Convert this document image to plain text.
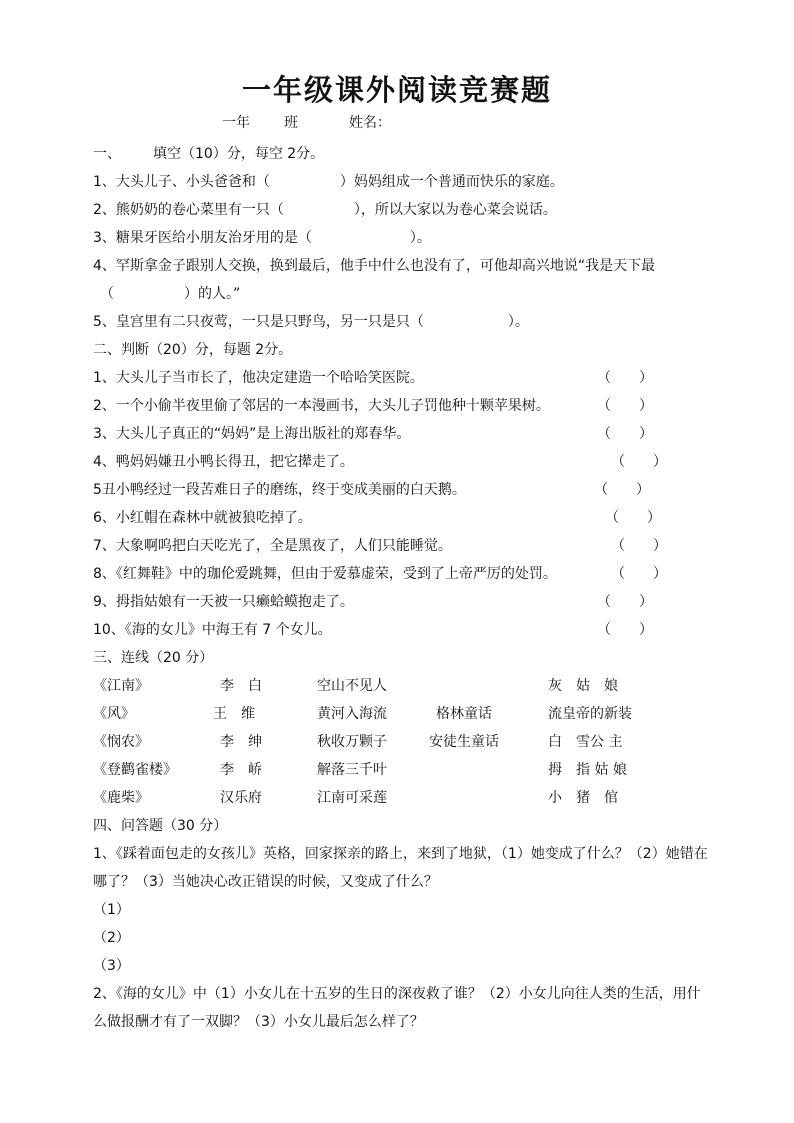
一年级课外阅读竞赛题
一年 班	姓名：
一、 填空（10）分，每空 2分。
1、大头儿子、小头爸爸和（　　　　　）妈妈组成一个普通而快乐的家庭。
2、熊奶奶的卷心菜里有一只（　　　　　），所以大家以为卷心菜会说话。
3、糖果牙医给小朋友治牙用的是（　　　　　　　）。
4、罕斯拿金子跟别人交换，换到最后，他手中什么也没有了，可他却高兴地说“我是天下最
（　　　　　）的人。”
5、皇宫里有二只夜莺，一只是只野鸟，另一只是只（　　　　　　）。
二、判断（20）分，每题 2分。
1、大头儿子当市长了，他决定建造一个哈哈笑医院。	（　　）
2、一个小偷半夜里偷了邻居的一本漫画书，大头儿子罚他种十颗苹果树。	（　　）
3、大头儿子真正的“妈妈”是上海出版社的郑春华。	（　　）
4、鸭妈妈嫌丑小鸭长得丑，把它撵走了。	（　　）
5丑小鸭经过一段苦难日子的磨练，终于变成美丽的白天鹅。	（　　）
6、小红帽在森林中就被狼吃掉了。	（　　）
7、大象啊呜把白天吃光了，全是黑夜了，人们只能睡觉。	（　　）
8、《红舞鞋》中的珈伦爱跳舞，但由于爱慕虚荣，受到了上帝严厉的处罚。	（　　）
9、拇指姑娘有一天被一只癞蛤蟆抱走了。	（　　）
10、《海的女儿》中海王有 7 个女儿。	（　　）
三、连线（20 分）
《江南》	李　白	空山不见人	灰　姑　娘
《风》	王　维	黄河入海流	格林童话	流皇帝的新装
《悯农》	李　绅	秋收万颗子	安徒生童话	白　雪公 主
《登鹳雀楼》	李　峤	解落三千叶	拇　指 姑 娘
《鹿柴》	汉乐府	江南可采莲	小　猪　倌
四、问答题（30 分）
1、《踩着面包走的女孩儿》英格，回家探亲的路上，来到了地狱，（1）她变成了什么？（2）她错在
哪了？（3）当她决心改正错误的时候，又变成了什么？
（1）
（2）
（3）
2、《海的女儿》中（1）小女儿在十五岁的生日的深夜救了谁？（2）小女儿向往人类的生活，用什
么做报酬才有了一双脚？（3）小女儿最后怎么样了？
